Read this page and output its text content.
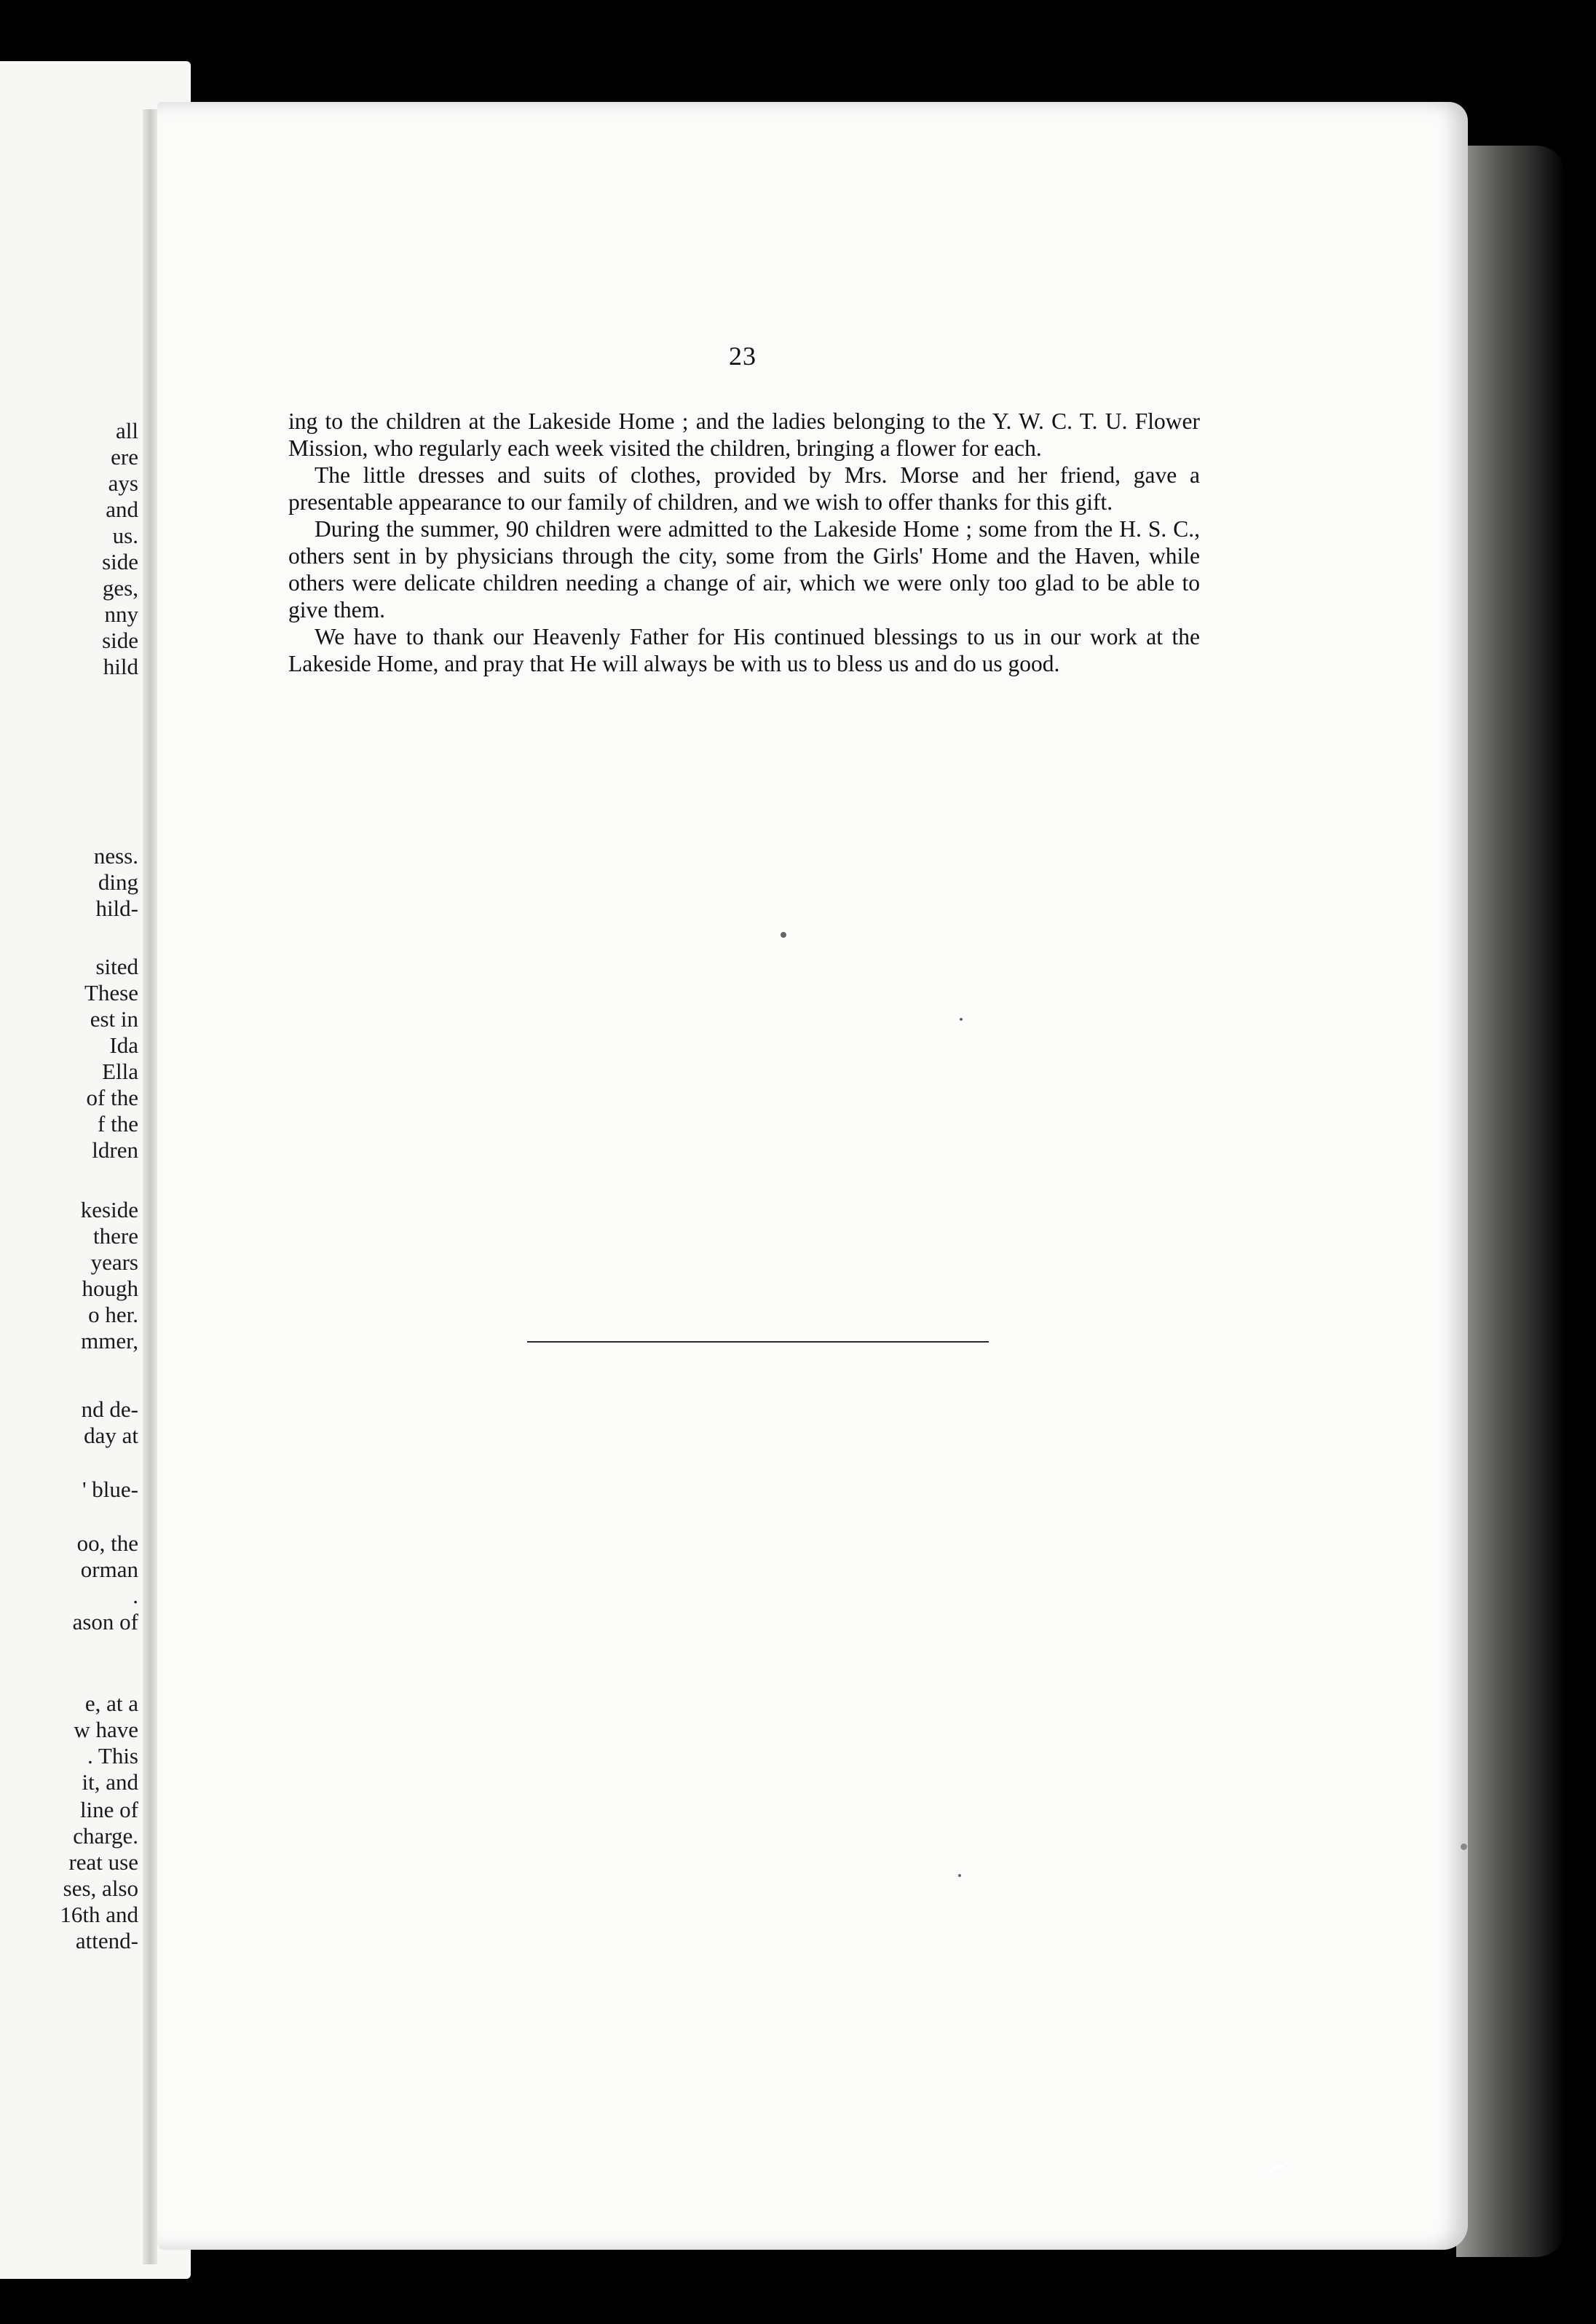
all
ere
ays
and
us.
side
ges,
nny
side
hild
ness.
ding
hild-
sited
These
est in
Ida
Ella
of the
f the
ldren
keside
there
years
hough
o her.
mmer,
nd de-
day at
' blue-
oo, the
orman
.
ason of
e, at a
w have
. This
it, and
line of
charge.
reat use
ses, also
16th and
attend-
23

ing to the children at the Lakeside Home ; and the ladies belonging to the Y. W. C. T. U. Flower Mission, who regularly each week visited the children, bringing a flower for each.

The little dresses and suits of clothes, provided by Mrs. Morse and her friend, gave a presentable appearance to our family of children, and we wish to offer thanks for this gift.

During the summer, 90 children were admitted to the Lakeside Home ; some from the H. S. C., others sent in by physicians through the city, some from the Girls' Home and the Haven, while others were delicate children needing a change of air, which we were only too glad to be able to give them.

We have to thank our Heavenly Father for His continued blessings to us in our work at the Lakeside Home, and pray that He will always be with us to bless us and do us good.
